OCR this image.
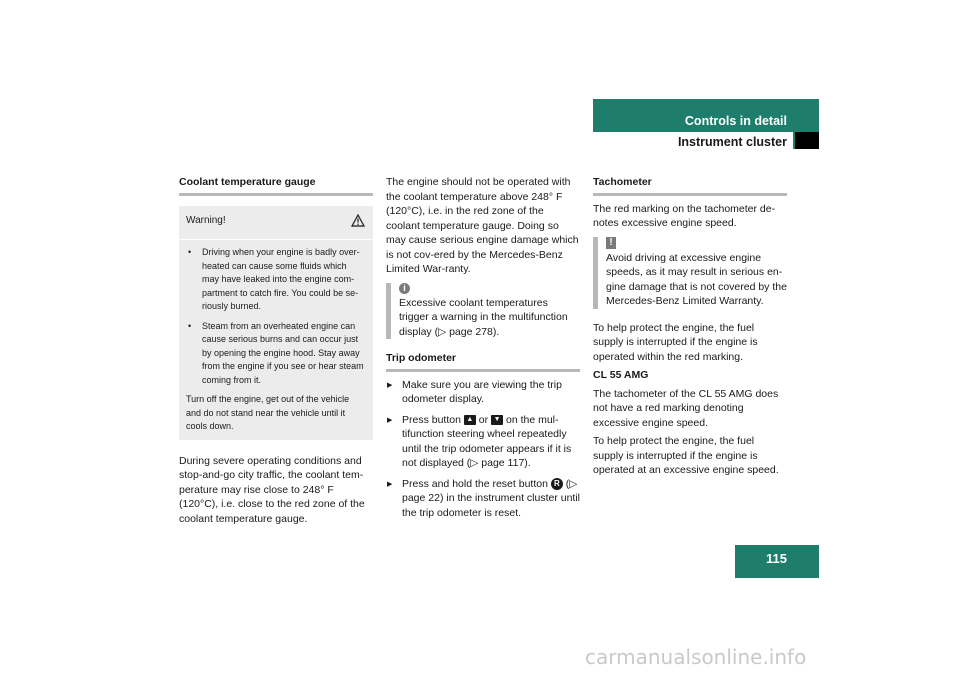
Controls in detail
Instrument cluster
Coolant temperature gauge
Warning!
• Driving when your engine is badly over-heated can cause some fluids which may have leaked into the engine com-partment to catch fire. You could be se-riously burned.
• Steam from an overheated engine can cause serious burns and can occur just by opening the engine hood. Stay away from the engine if you see or hear steam coming from it.
Turn off the engine, get out of the vehicle and do not stand near the vehicle until it cools down.

During severe operating conditions and stop-and-go city traffic, the coolant tem-perature may rise close to 248° F (120°C), i.e. close to the red zone of the coolant temperature gauge.

The engine should not be operated with the coolant temperature above 248° F (120°C), i.e. in the red zone of the coolant temperature gauge. Doing so may cause serious engine damage which is not cov-ered by the Mercedes-Benz Limited War-ranty.

i
Excessive coolant temperatures trigger a warning in the multifunction display (▷ page 278).
Trip odometer
▶ Make sure you are viewing the trip odometer display.
▶ Press button ▲ or ▼ on the mul-tifunction steering wheel repeatedly until the trip odometer appears if it is not displayed (▷ page 117).
▶ Press and hold the reset button R (▷ page 22) in the instrument cluster until the trip odometer is reset.
Tachometer

The red marking on the tachometer de-notes excessive engine speed.

!
Avoid driving at excessive engine speeds, as it may result in serious en-gine damage that is not covered by the Mercedes-Benz Limited Warranty.

To help protect the engine, the fuel supply is interrupted if the engine is operated within the red marking.

CL 55 AMG

The tachometer of the CL 55 AMG does not have a red marking denoting excessive engine speed.

To help protect the engine, the fuel supply is interrupted if the engine is operated at an excessive engine speed.

115
carmanualsonline.info
